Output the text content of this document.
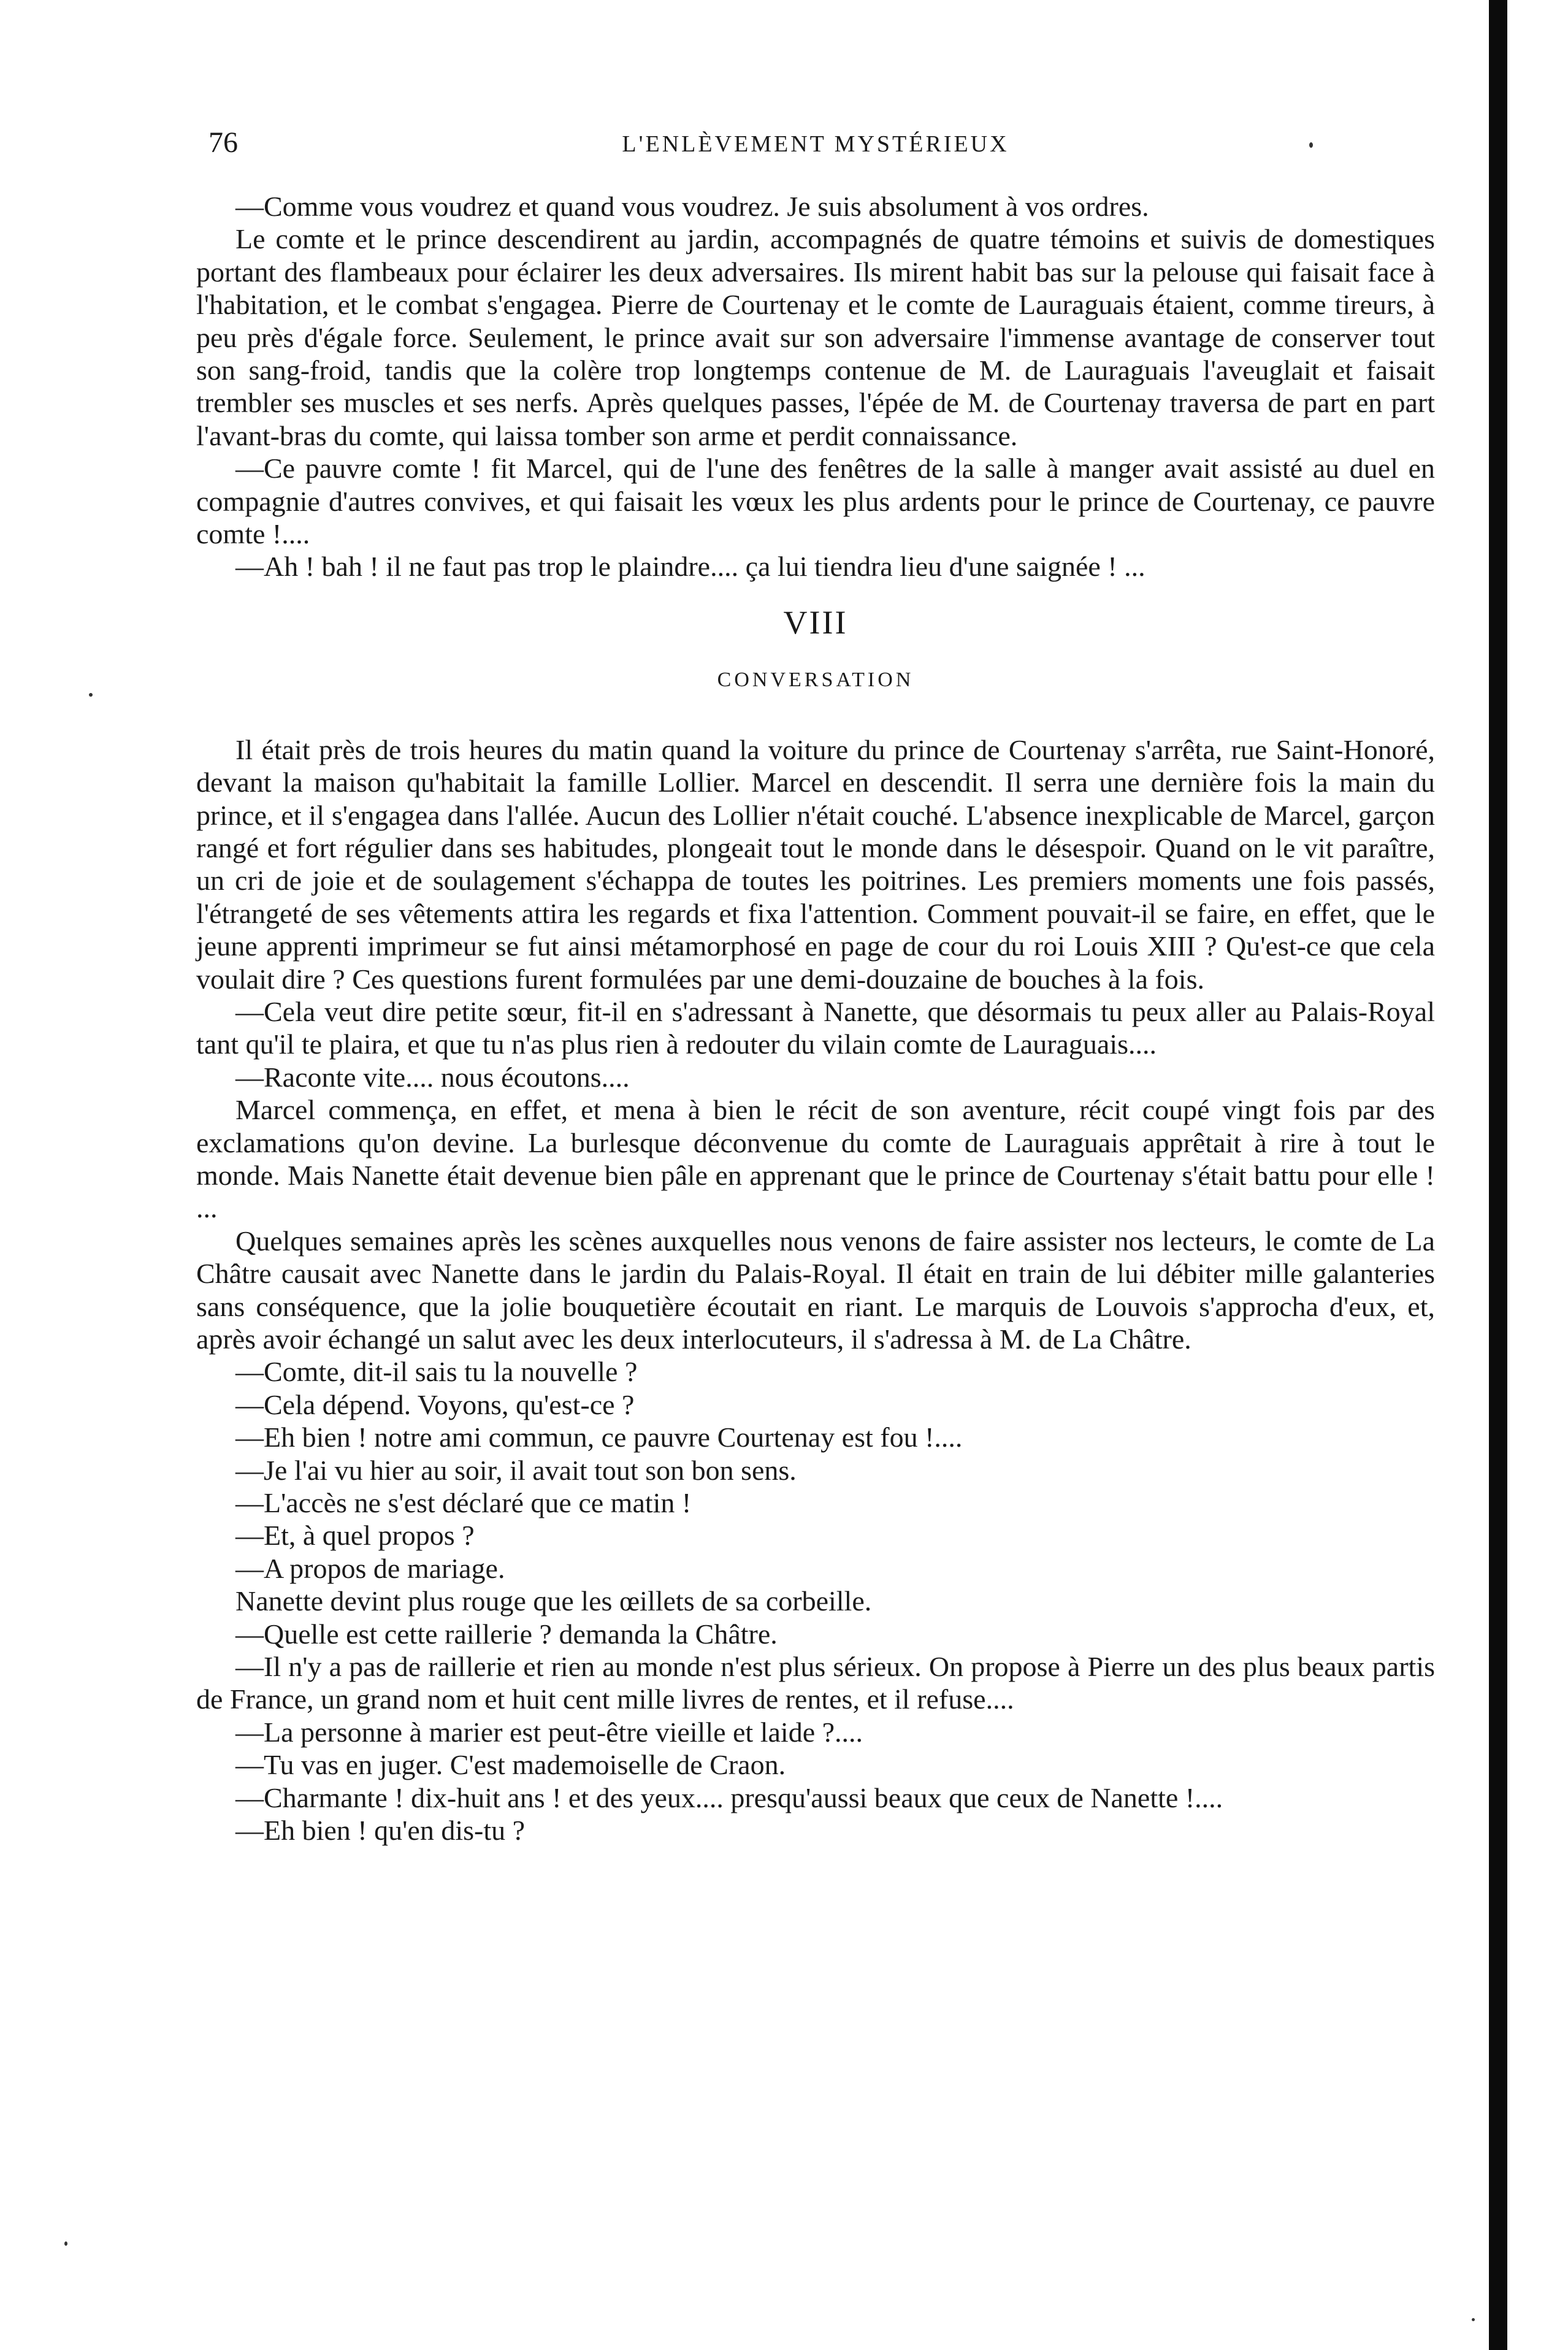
76	L'ENLÈVEMENT MYSTÉRIEUX

—Comme vous voudrez et quand vous voudrez. Je suis absolument à vos ordres.

Le comte et le prince descendirent au jardin, accompagnés de quatre témoins et suivis de domestiques portant des flambeaux pour éclairer les deux adversaires. Ils mirent habit bas sur la pelouse qui faisait face à l'habitation, et le combat s'engagea. Pierre de Courtenay et le comte de Lauraguais étaient, comme tireurs, à peu près d'égale force. Seulement, le prince avait sur son adversaire l'immense avantage de conserver tout son sang-froid, tandis que la colère trop longtemps contenue de M. de Lauraguais l'aveuglait et faisait trembler ses muscles et ses nerfs. Après quelques passes, l'épée de M. de Courtenay traversa de part en part l'avant-bras du comte, qui laissa tomber son arme et perdit connaissance.

—Ce pauvre comte ! fit Marcel, qui de l'une des fenêtres de la salle à manger avait assisté au duel en compagnie d'autres convives, et qui faisait les vœux les plus ardents pour le prince de Courtenay, ce pauvre comte !....

—Ah ! bah ! il ne faut pas trop le plaindre.... ça lui tiendra lieu d'une saignée ! ...

VIII
CONVERSATION

Il était près de trois heures du matin quand la voiture du prince de Courtenay s'arrêta, rue Saint-Honoré, devant la maison qu'habitait la famille Lollier. Marcel en descendit. Il serra une dernière fois la main du prince, et il s'engagea dans l'allée. Aucun des Lollier n'était couché. L'absence inexplicable de Marcel, garçon rangé et fort régulier dans ses habitudes, plongeait tout le monde dans le désespoir. Quand on le vit paraître, un cri de joie et de soulagement s'échappa de toutes les poitrines. Les premiers moments une fois passés, l'étrangeté de ses vêtements attira les regards et fixa l'attention. Comment pouvait-il se faire, en effet, que le jeune apprenti imprimeur se fut ainsi métamorphosé en page de cour du roi Louis XIII ? Qu'est-ce que cela voulait dire ? Ces questions furent formulées par une demi-douzaine de bouches à la fois.

—Cela veut dire petite sœur, fit-il en s'adressant à Nanette, que désormais tu peux aller au Palais-Royal tant qu'il te plaira, et que tu n'as plus rien à redouter du vilain comte de Lauraguais....

—Raconte vite.... nous écoutons....

Marcel commença, en effet, et mena à bien le récit de son aventure, récit coupé vingt fois par des exclamations qu'on devine. La burlesque déconvenue du comte de Lauraguais apprêtait à rire à tout le monde. Mais Nanette était devenue bien pâle en apprenant que le prince de Courtenay s'était battu pour elle ! ...

Quelques semaines après les scènes auxquelles nous venons de faire assister nos lecteurs, le comte de La Châtre causait avec Nanette dans le jardin du Palais-Royal. Il était en train de lui débiter mille galanteries sans conséquence, que la jolie bouquetière écoutait en riant. Le marquis de Louvois s'approcha d'eux, et, après avoir échangé un salut avec les deux interlocuteurs, il s'adressa à M. de La Châtre.

—Comte, dit-il sais tu la nouvelle ?

—Cela dépend. Voyons, qu'est-ce ?

—Eh bien ! notre ami commun, ce pauvre Courtenay est fou !....

—Je l'ai vu hier au soir, il avait tout son bon sens.

—L'accès ne s'est déclaré que ce matin !

—Et, à quel propos ?

—A propos de mariage.

Nanette devint plus rouge que les œillets de sa corbeille.

—Quelle est cette raillerie ? demanda la Châtre.

—Il n'y a pas de raillerie et rien au monde n'est plus sérieux. On propose à Pierre un des plus beaux partis de France, un grand nom et huit cent mille livres de rentes, et il refuse....

—La personne à marier est peut-être vieille et laide ?....

—Tu vas en juger. C'est mademoiselle de Craon.

—Charmante ! dix-huit ans ! et des yeux.... presqu'aussi beaux que ceux de Nanette !....

—Eh bien ! qu'en dis-tu ?
